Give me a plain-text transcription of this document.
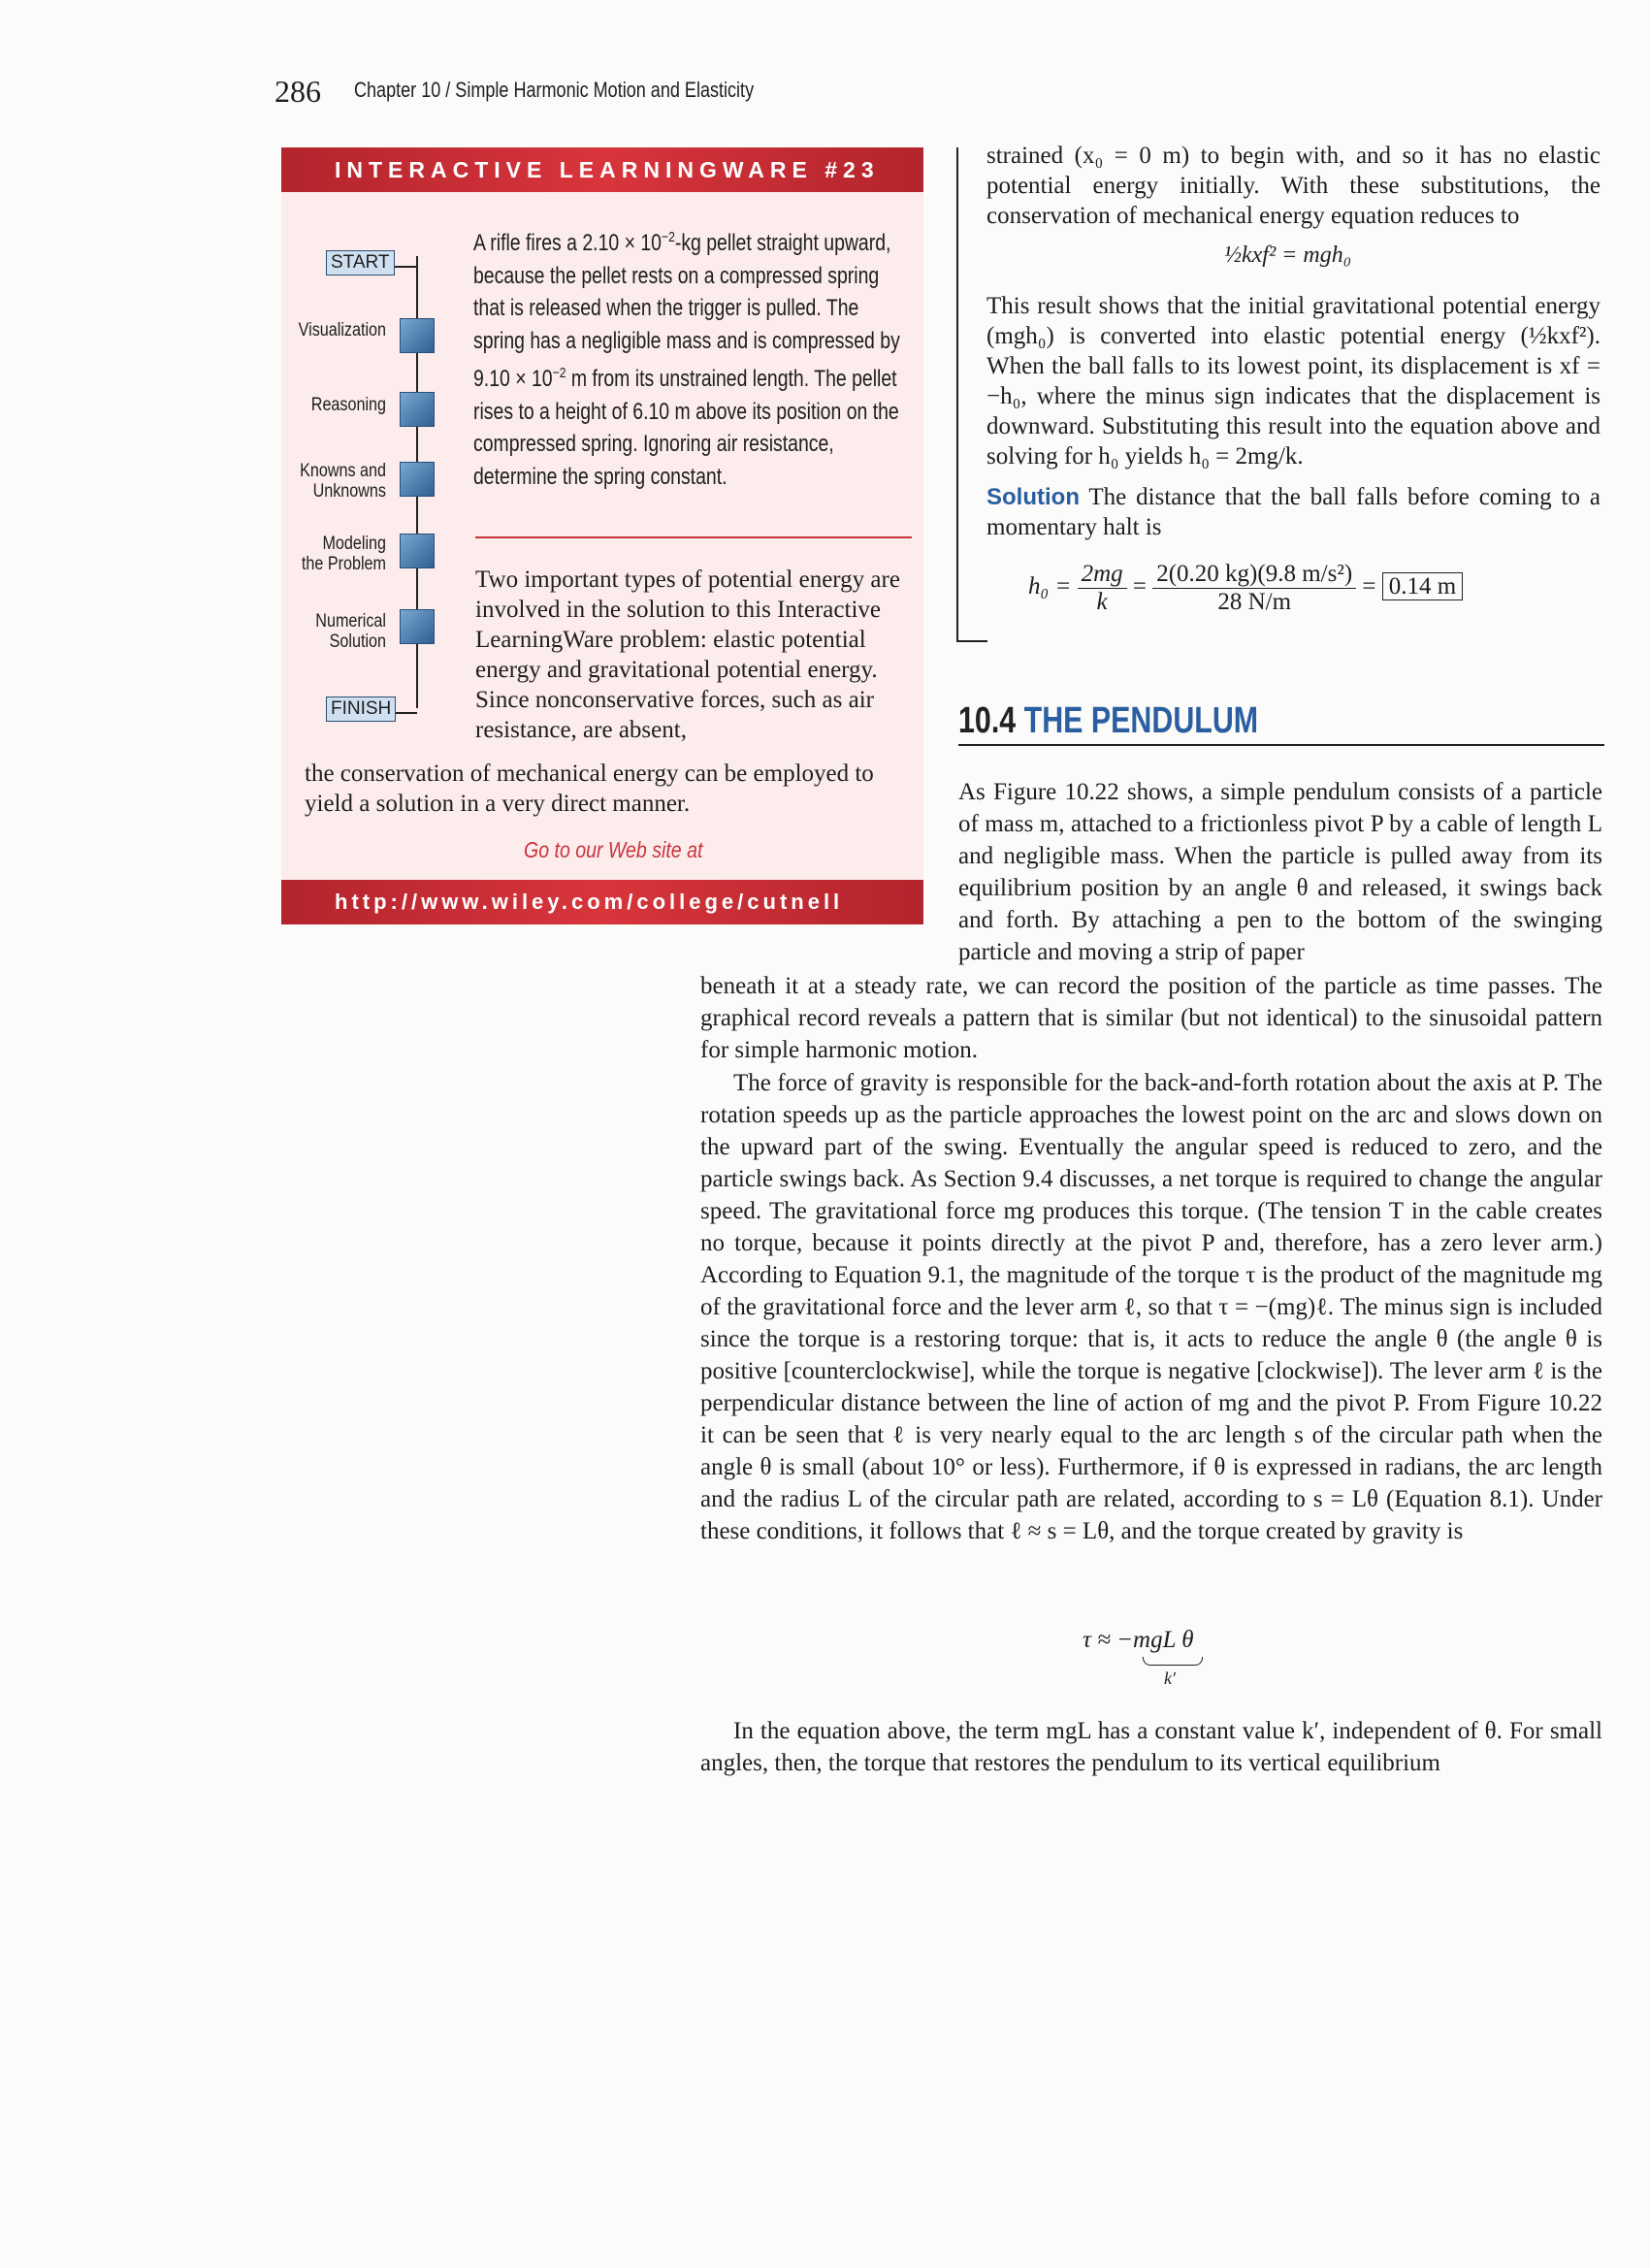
286 Chapter 10 / Simple Harmonic Motion and Elasticity
INTERACTIVE LEARNINGWARE #23
START
Visualization
Reasoning
Knowns and
Unknowns
Modeling
the Problem
Numerical
Solution
FINISH
A rifle fires a $2.10 \times 10^{-2}-kg$ pellet straight upward, because the pellet rests on a compressed spring that is released when the trigger is pulled. The spring has a negligible mass and is compressed by $9.10 \times 10^{-2}$ m from its unstrained length. The pellet rises to a height of 6.10 m above its position on the compressed spring. Ignoring air resistance, determine the spring constant.
Two important types of potential energy are involved in the solution to this Interactive LearningWare problem: elastic potential energy and gravitational potential energy. Since nonconservative forces, such as air resistance, are absent,
the conservation of mechanical energy can be employed to yield a solution in a very direct manner.
Go to our Web site at
http://www.wiley.com/college/cutnell
strained (x₀ = 0 m) to begin with, and so it has no elastic potential energy initially. With these substitutions, the conservation of mechanical energy equation reduces to
½kxf² = mgh₀
This result shows that the initial gravitational potential energy (mgh₀) is converted into elastic potential energy (½kxf²). When the ball falls to its lowest point, its displacement is xf = −h₀, where the minus sign indicates that the displacement is downward. Substituting this result into the equation above and solving for h₀ yields h₀ = 2mg/k.
Solution The distance that the ball falls before coming to a momentary halt is
$h_0 = \frac{2mg}{k} = \frac{\text{2(0.20 kg)(9.8 m/s²)}}{28 N/m} = 0.14$ m
10.4 THE PENDULUM
As Figure 10.22 shows, a simple pendulum consists of a particle of mass m, attached to a frictionless pivot P by a cable of length L and negligible mass. When the particle is pulled away from its equilibrium position by an angle θ and released, it swings back and forth. By attaching a pen to the bottom of the swinging particle and moving a strip of paper
beneath it at a steady rate, we can record the position of the particle as time passes. The graphical record reveals a pattern that is similar (but not identical) to the sinusoidal pattern for simple harmonic motion.
The force of gravity is responsible for the back-and-forth rotation about the axis at P. The rotation speeds up as the particle approaches the lowest point on the arc and slows down on the upward part of the swing. Eventually the angular speed is reduced to zero, and the particle swings back. As Section 9.4 discusses, a net torque is required to change the angular speed. The gravitational force mg produces this torque. (The tension T in the cable creates no torque, because it points directly at the pivot P and, therefore, has a zero lever arm.) According to Equation 9.1, the magnitude of the torque τ is the product of the magnitude mg of the gravitational force and the lever arm ℓ, so that τ = −(mg)ℓ. The minus sign is included since the torque is a restoring torque: that is, it acts to reduce the angle θ (the angle θ is positive [counterclockwise], while the torque is negative [clockwise]). The lever arm ℓ is the perpendicular distance between the line of action of mg and the pivot P. From Figure 10.22 it can be seen that ℓ is very nearly equal to the arc length s of the circular path when the angle θ is small (about 10° or less). Furthermore, if θ is expressed in radians, the arc length and the radius L of the circular path are related, according to s = Lθ (Equation 8.1). Under these conditions, it follows that ℓ ≈ s = Lθ, and the torque created by gravity is
τ ≈ −mgL θ
k′
In the equation above, the term mgL has a constant value k′, independent of θ. For small angles, then, the torque that restores the pendulum to its vertical equilibrium
